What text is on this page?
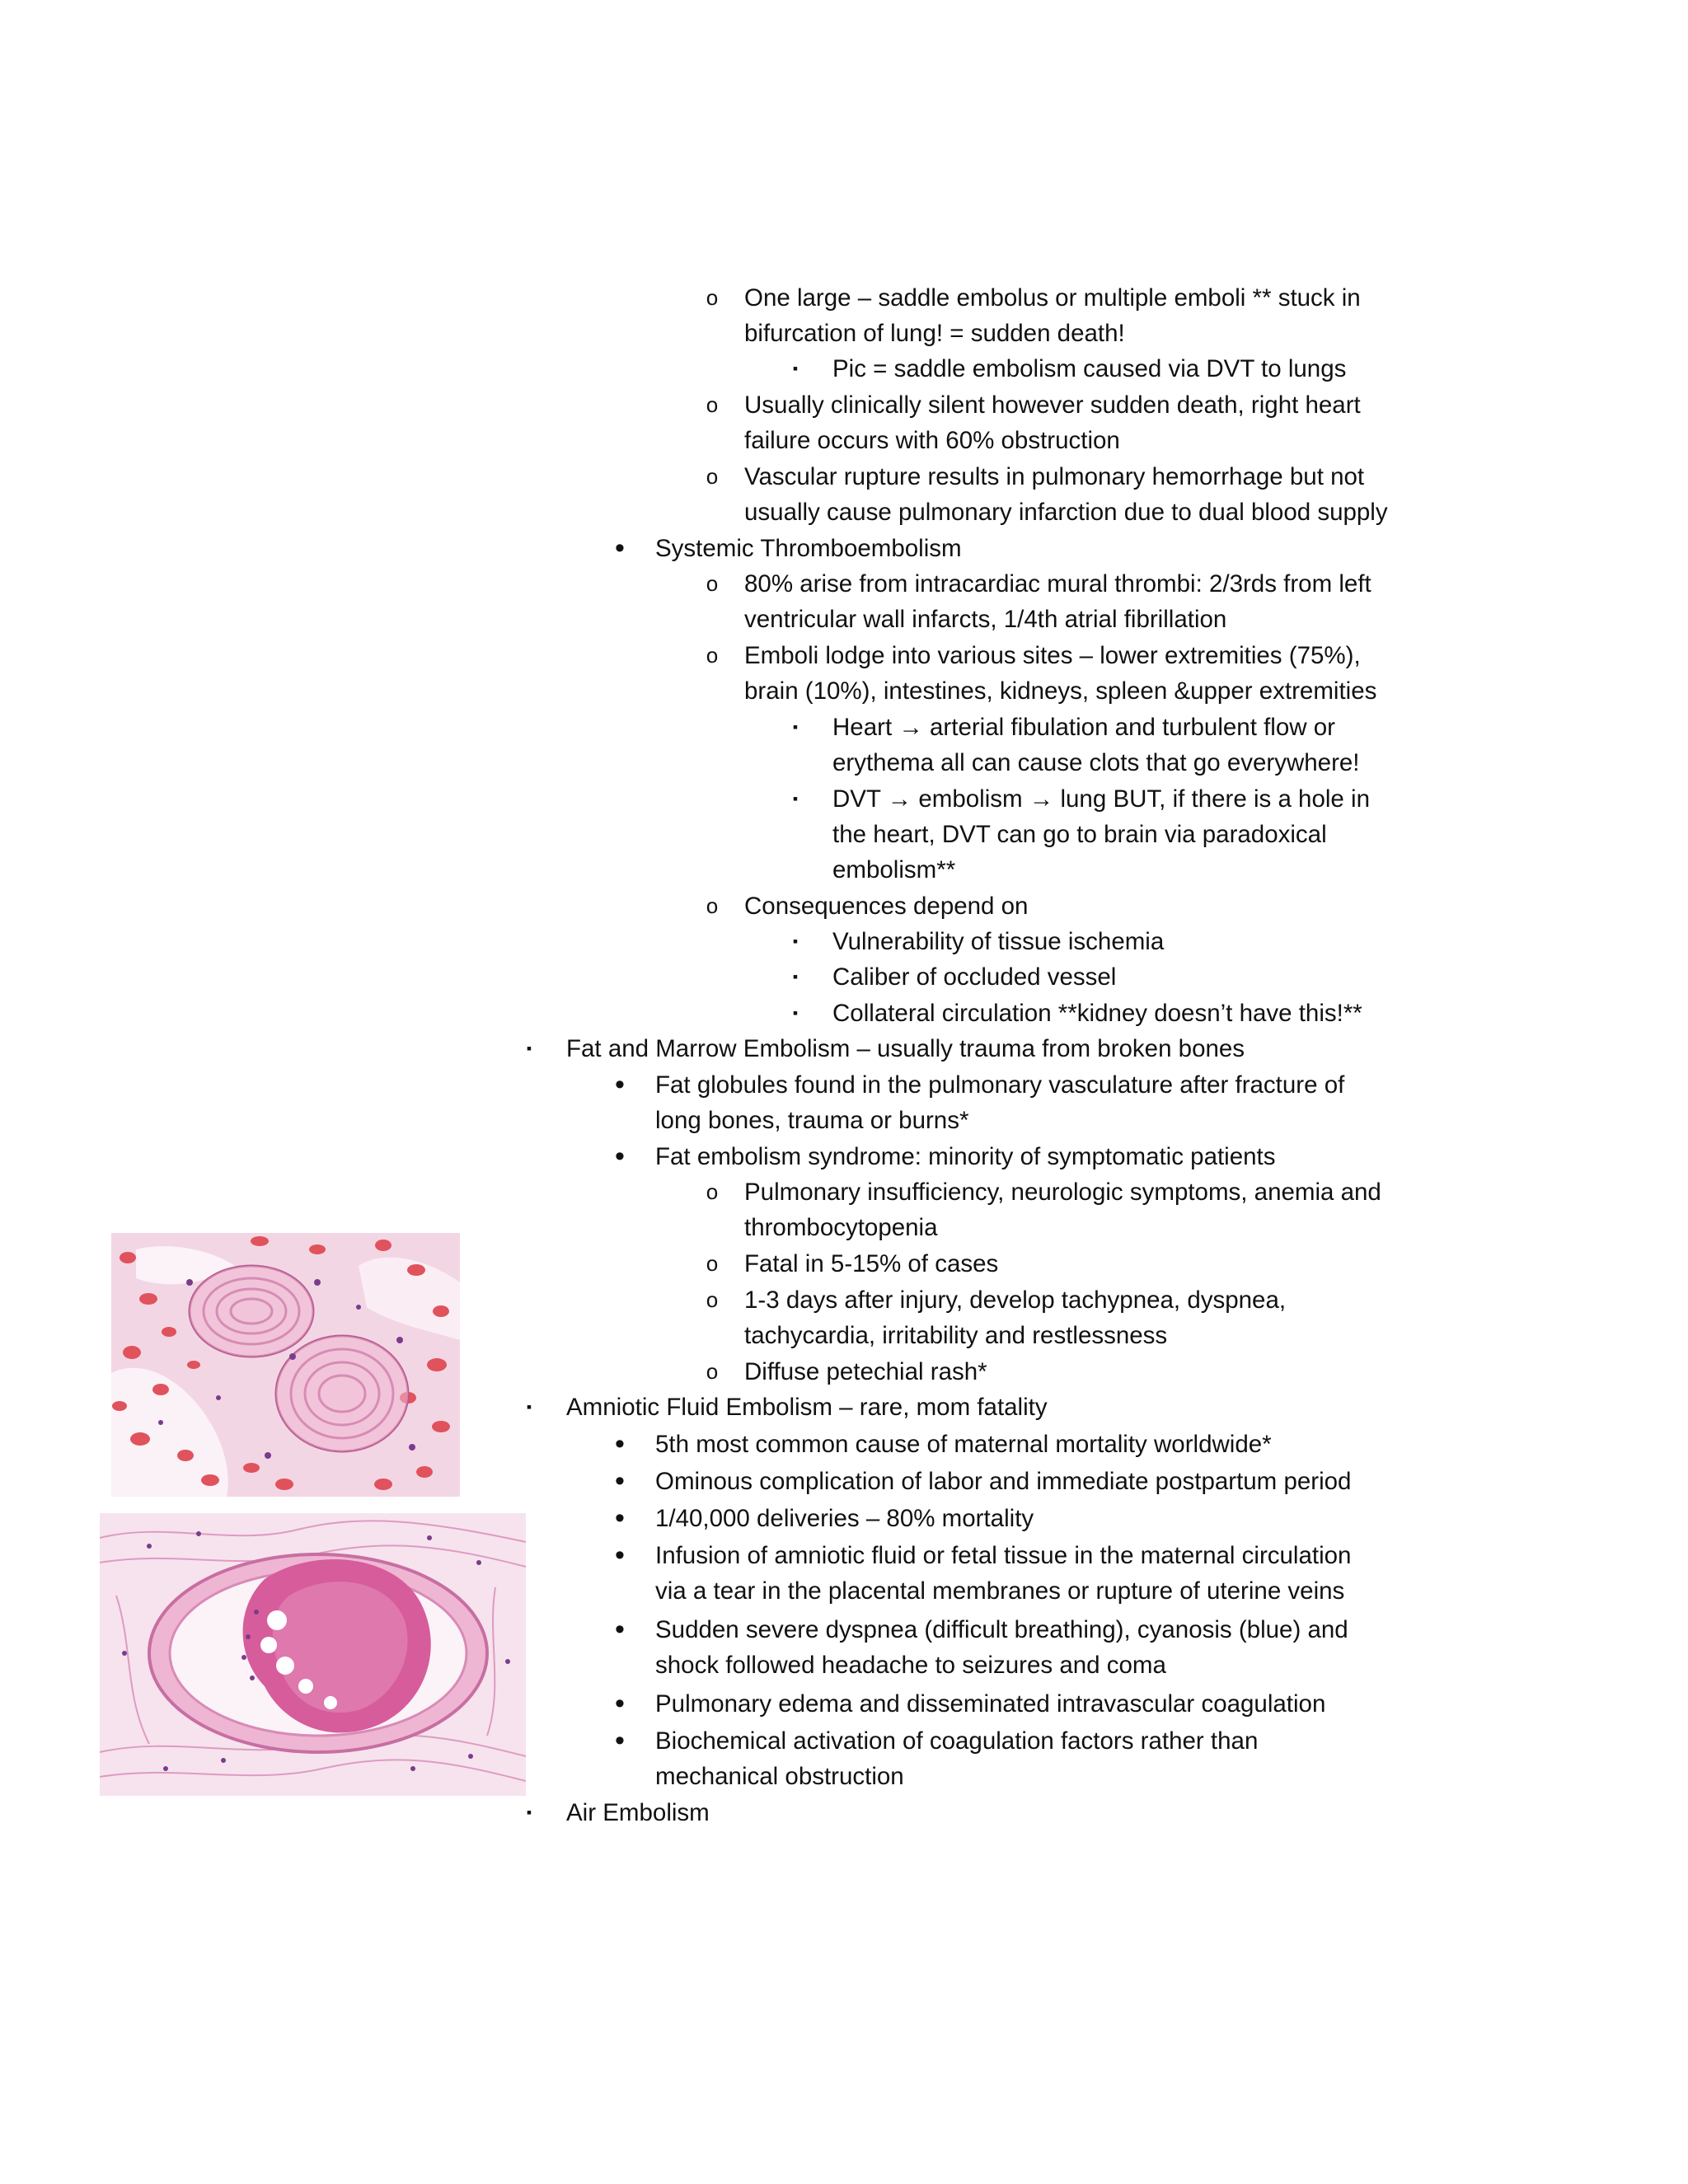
o One large – saddle embolus or multiple emboli ** stuck in
bifurcation of lung! = sudden death!
▪	Pic = saddle embolism caused via DVT to lungs
o Usually clinically silent however sudden death, right heart
failure occurs with 60% obstruction
o Vascular rupture results in pulmonary hemorrhage but not
usually cause pulmonary infarction due to dual blood supply
•	Systemic Thromboembolism
o 80% arise from intracardiac mural thrombi: 2/3rds from left
ventricular wall infarcts, 1/4th atrial fibrillation
o Emboli lodge into various sites – lower extremities (75%),
brain (10%), intestines, kidneys, spleen &upper extremities
▪	Heart → arterial fibulation and turbulent flow or
erythema all can cause clots that go everywhere!
▪	DVT → embolism → lung BUT, if there is a hole in
the heart, DVT can go to brain via paradoxical
embolism**
o Consequences depend on
▪	Vulnerability of tissue ischemia
▪	Caliber of occluded vessel
▪	Collateral circulation **kidney doesn’t have this!**
▪	Fat and Marrow Embolism – usually trauma from broken bones
•	Fat globules found in the pulmonary vasculature after fracture of
long bones, trauma or burns*
•	Fat embolism syndrome: minority of symptomatic patients
o Pulmonary insufficiency, neurologic symptoms, anemia and
thrombocytopenia
o Fatal in 5-15% of cases
o 1-3 days after injury, develop tachypnea, dyspnea,
tachycardia, irritability and restlessness
o Diffuse petechial rash*
▪	Amniotic Fluid Embolism – rare, mom fatality
•	5th most common cause of maternal mortality worldwide*
•	Ominous complication of labor and immediate postpartum period
•	1/40,000 deliveries – 80% mortality
•	Infusion of amniotic fluid or fetal tissue in the maternal circulation
via a tear in the placental membranes or rupture of uterine veins
•	Sudden severe dyspnea (difficult breathing), cyanosis (blue) and
shock followed headache to seizures and coma
•	Pulmonary edema and disseminated intravascular coagulation
•	Biochemical activation of coagulation factors rather than
mechanical obstruction
▪	Air Embolism
